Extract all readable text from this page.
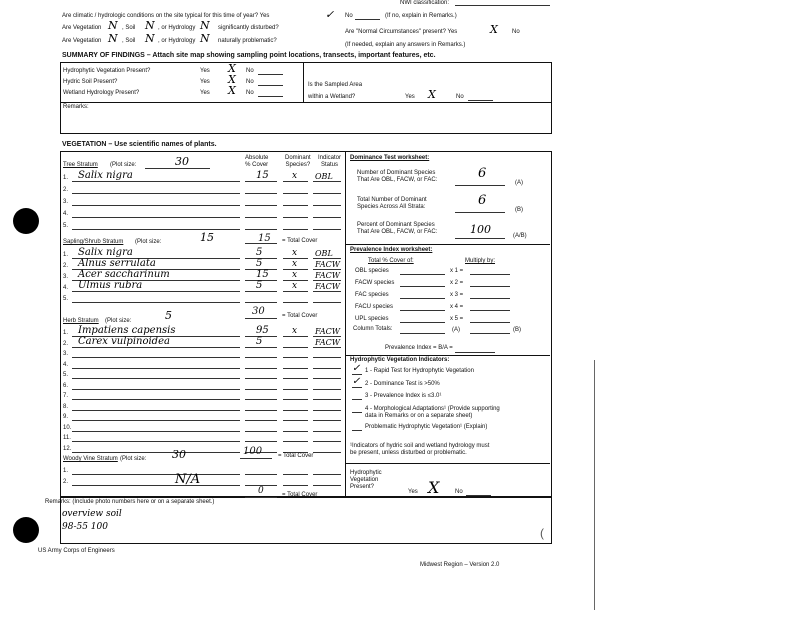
(
NWI classification:
Are climatic / hydrologic conditions on the site typical for this time of year? Yes	✓ No	(If no, explain in Remarks.)
Are Vegetation N , Soil N , or Hydrology N significantly disturbed?
Are "Normal Circumstances" present? Yes	X No
Are Vegetation N , Soil N , or Hydrology N naturally problematic?
(If needed, explain any answers in Remarks.)
SUMMARY OF FINDINGS – Attach site map showing sampling point locations, transects, important features, etc.
Hydrophytic Vegetation Present?	Yes X No
Hydric Soil Present?	Yes X No
Wetland Hydrology Present?	Yes X No
Is the Sampled Area
within a Wetland?	Yes X	No
Remarks:
VEGETATION – Use scientific names of plants.
Absolute
% Cover
Dominant
Species?
Indicator
Status
Tree Stratum (Plot size:	30
1. Salix nigra	15	x OBL
2.
3.
4.
5.
15 = Total Cover
Sapling/Shrub Stratum (Plot size:	15
1. Salix nigra	5	x OBL
2. Alnus serrulata	5	x FACW
3. Acer saccharinum	15	x FACW
4. Ulmus rubra	5	x FACW
5.
30	= Total Cover
Herb Stratum (Plot size:	5
1. Impatiens capensis	95	x FACW
2. Carex vulpinoidea	5	FACW
3.
4.
5.
6.
7.
8.
9.
10.
11.
12.	100	= Total Cover
Woody Vine Stratum (Plot size: 30
1.
2.	N/A
0	= Total Cover
Remarks: (Include photo numbers here or on a separate sheet.)
overview soil
98-55 100
Dominance Test worksheet:
Number of Dominant Species
That Are OBL, FACW, or FAC:	6
(A)
Total Number of Dominant
Species Across All Strata:	6
(B)
Percent of Dominant Species
That Are OBL, FACW, or FAC:	100	(A/B)
Prevalence Index worksheet:
Total % Cover of:	Multiply by:
OBL species	x 1 =
FACW species	x 2 =
FAC species	x 3 =
FACU species	x 4 =
UPL species	x 5 =
Column Totals:	(A)	(B)
Prevalence Index = B/A =
Hydrophytic Vegetation Indicators:
✓ 1 - Rapid Test for Hydrophytic Vegetation
✓ 2 - Dominance Test is >50%
3 - Prevalence Index is ≤3.0¹
4 - Morphological Adaptations¹ (Provide supporting
data in Remarks or on a separate sheet)
Problematic Hydrophytic Vegetation¹ (Explain)
¹Indicators of hydric soil and wetland hydrology must
be present, unless disturbed or problematic.
Hydrophytic
Vegetation
Present?
Yes X	No
US Army Corps of Engineers
Midwest Region – Version 2.0
